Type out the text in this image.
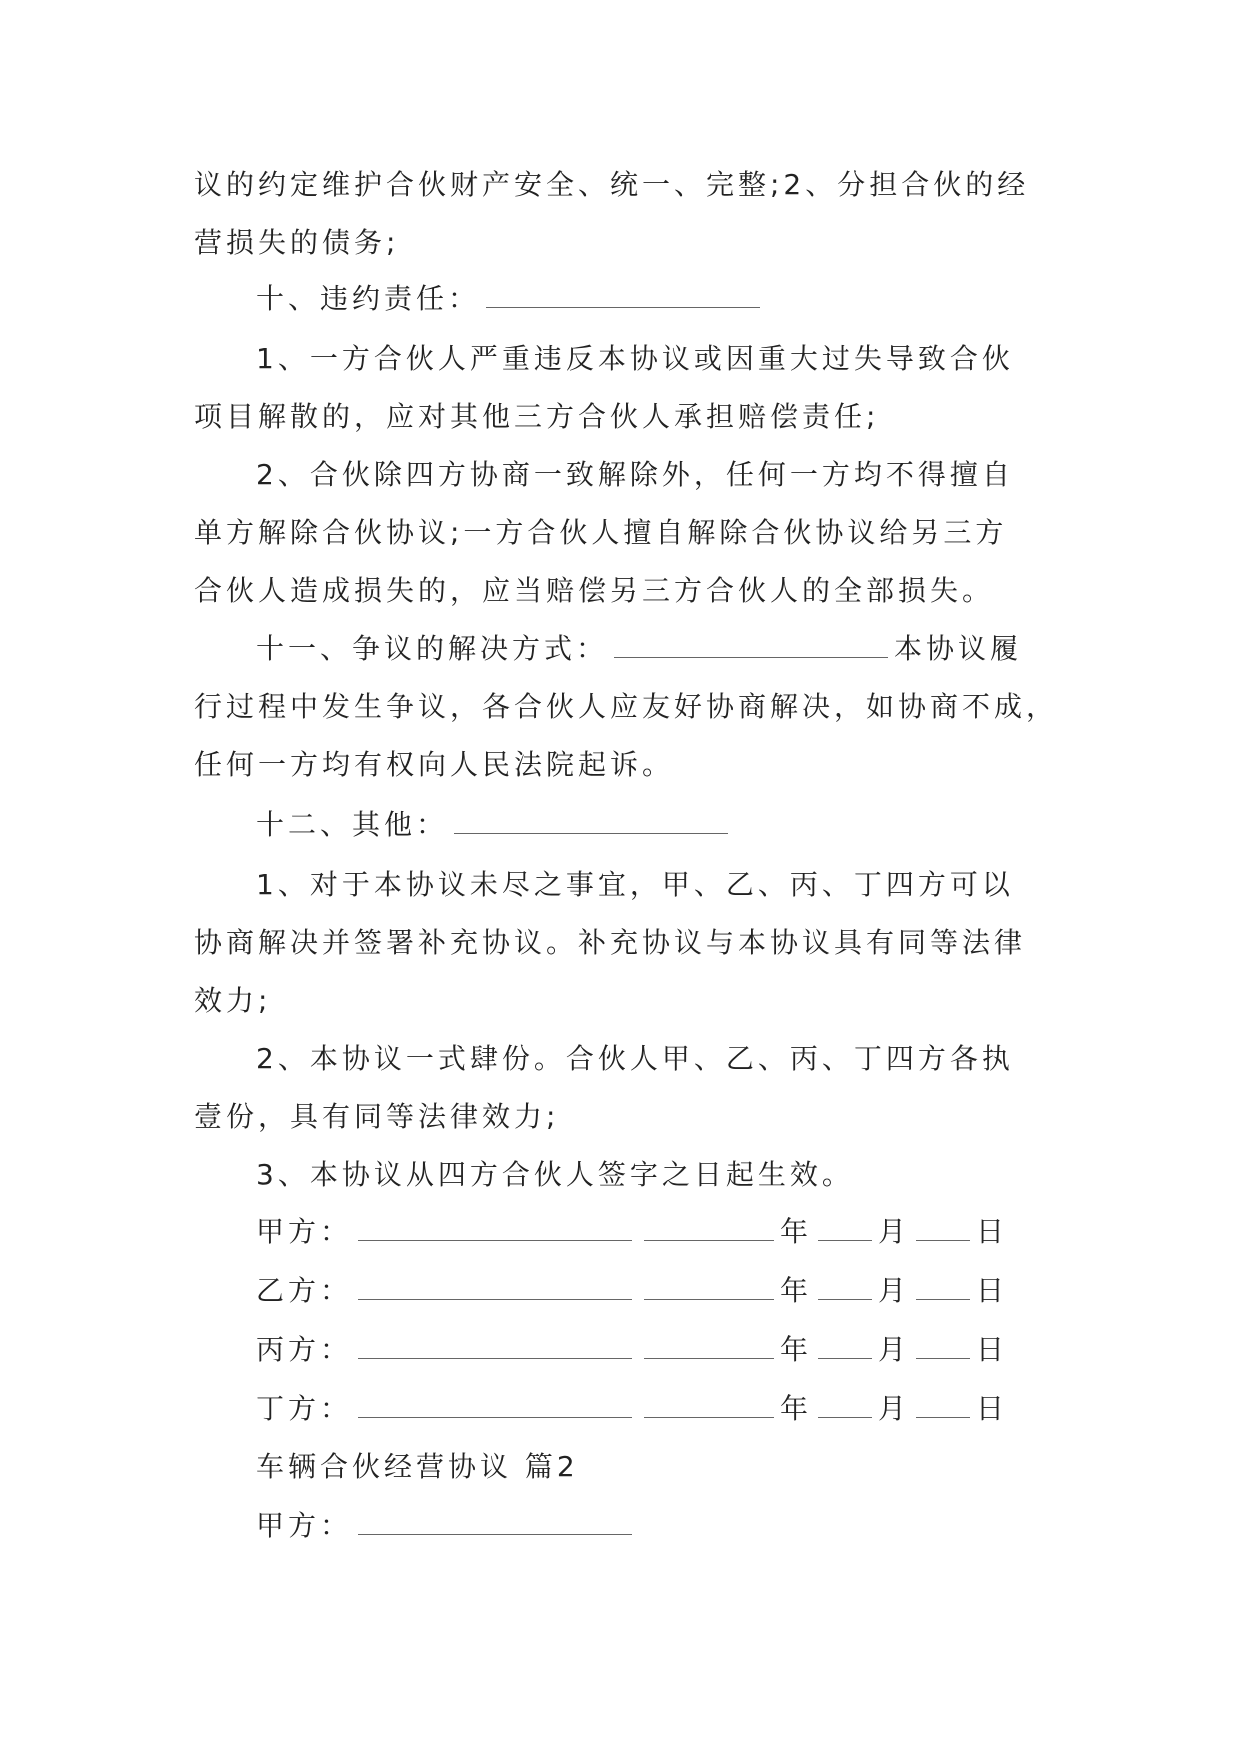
议的约定维护合伙财产安全、统一、完整;2、分担合伙的经
营损失的债务;
十、违约责任：
1、一方合伙人严重违反本协议或因重大过失导致合伙
项目解散的，应对其他三方合伙人承担赔偿责任;
2、合伙除四方协商一致解除外，任何一方均不得擅自
单方解除合伙协议;一方合伙人擅自解除合伙协议给另三方
合伙人造成损失的，应当赔偿另三方合伙人的全部损失。
十一、争议的解决方式：	本协议履
行过程中发生争议，各合伙人应友好协商解决，如协商不成，
任何一方均有权向人民法院起诉。
十二、其他：
1、对于本协议未尽之事宜，甲、乙、丙、丁四方可以
协商解决并签署补充协议。补充协议与本协议具有同等法律
效力;
2、本协议一式肆份。合伙人甲、乙、丙、丁四方各执
壹份，具有同等法律效力;
3、本协议从四方合伙人签字之日起生效。
甲方：	年 月 日
乙方：	年 月 日
丙方：	年 月 日
丁方：	年 月 日
车辆合伙经营协议 篇2
甲方：
